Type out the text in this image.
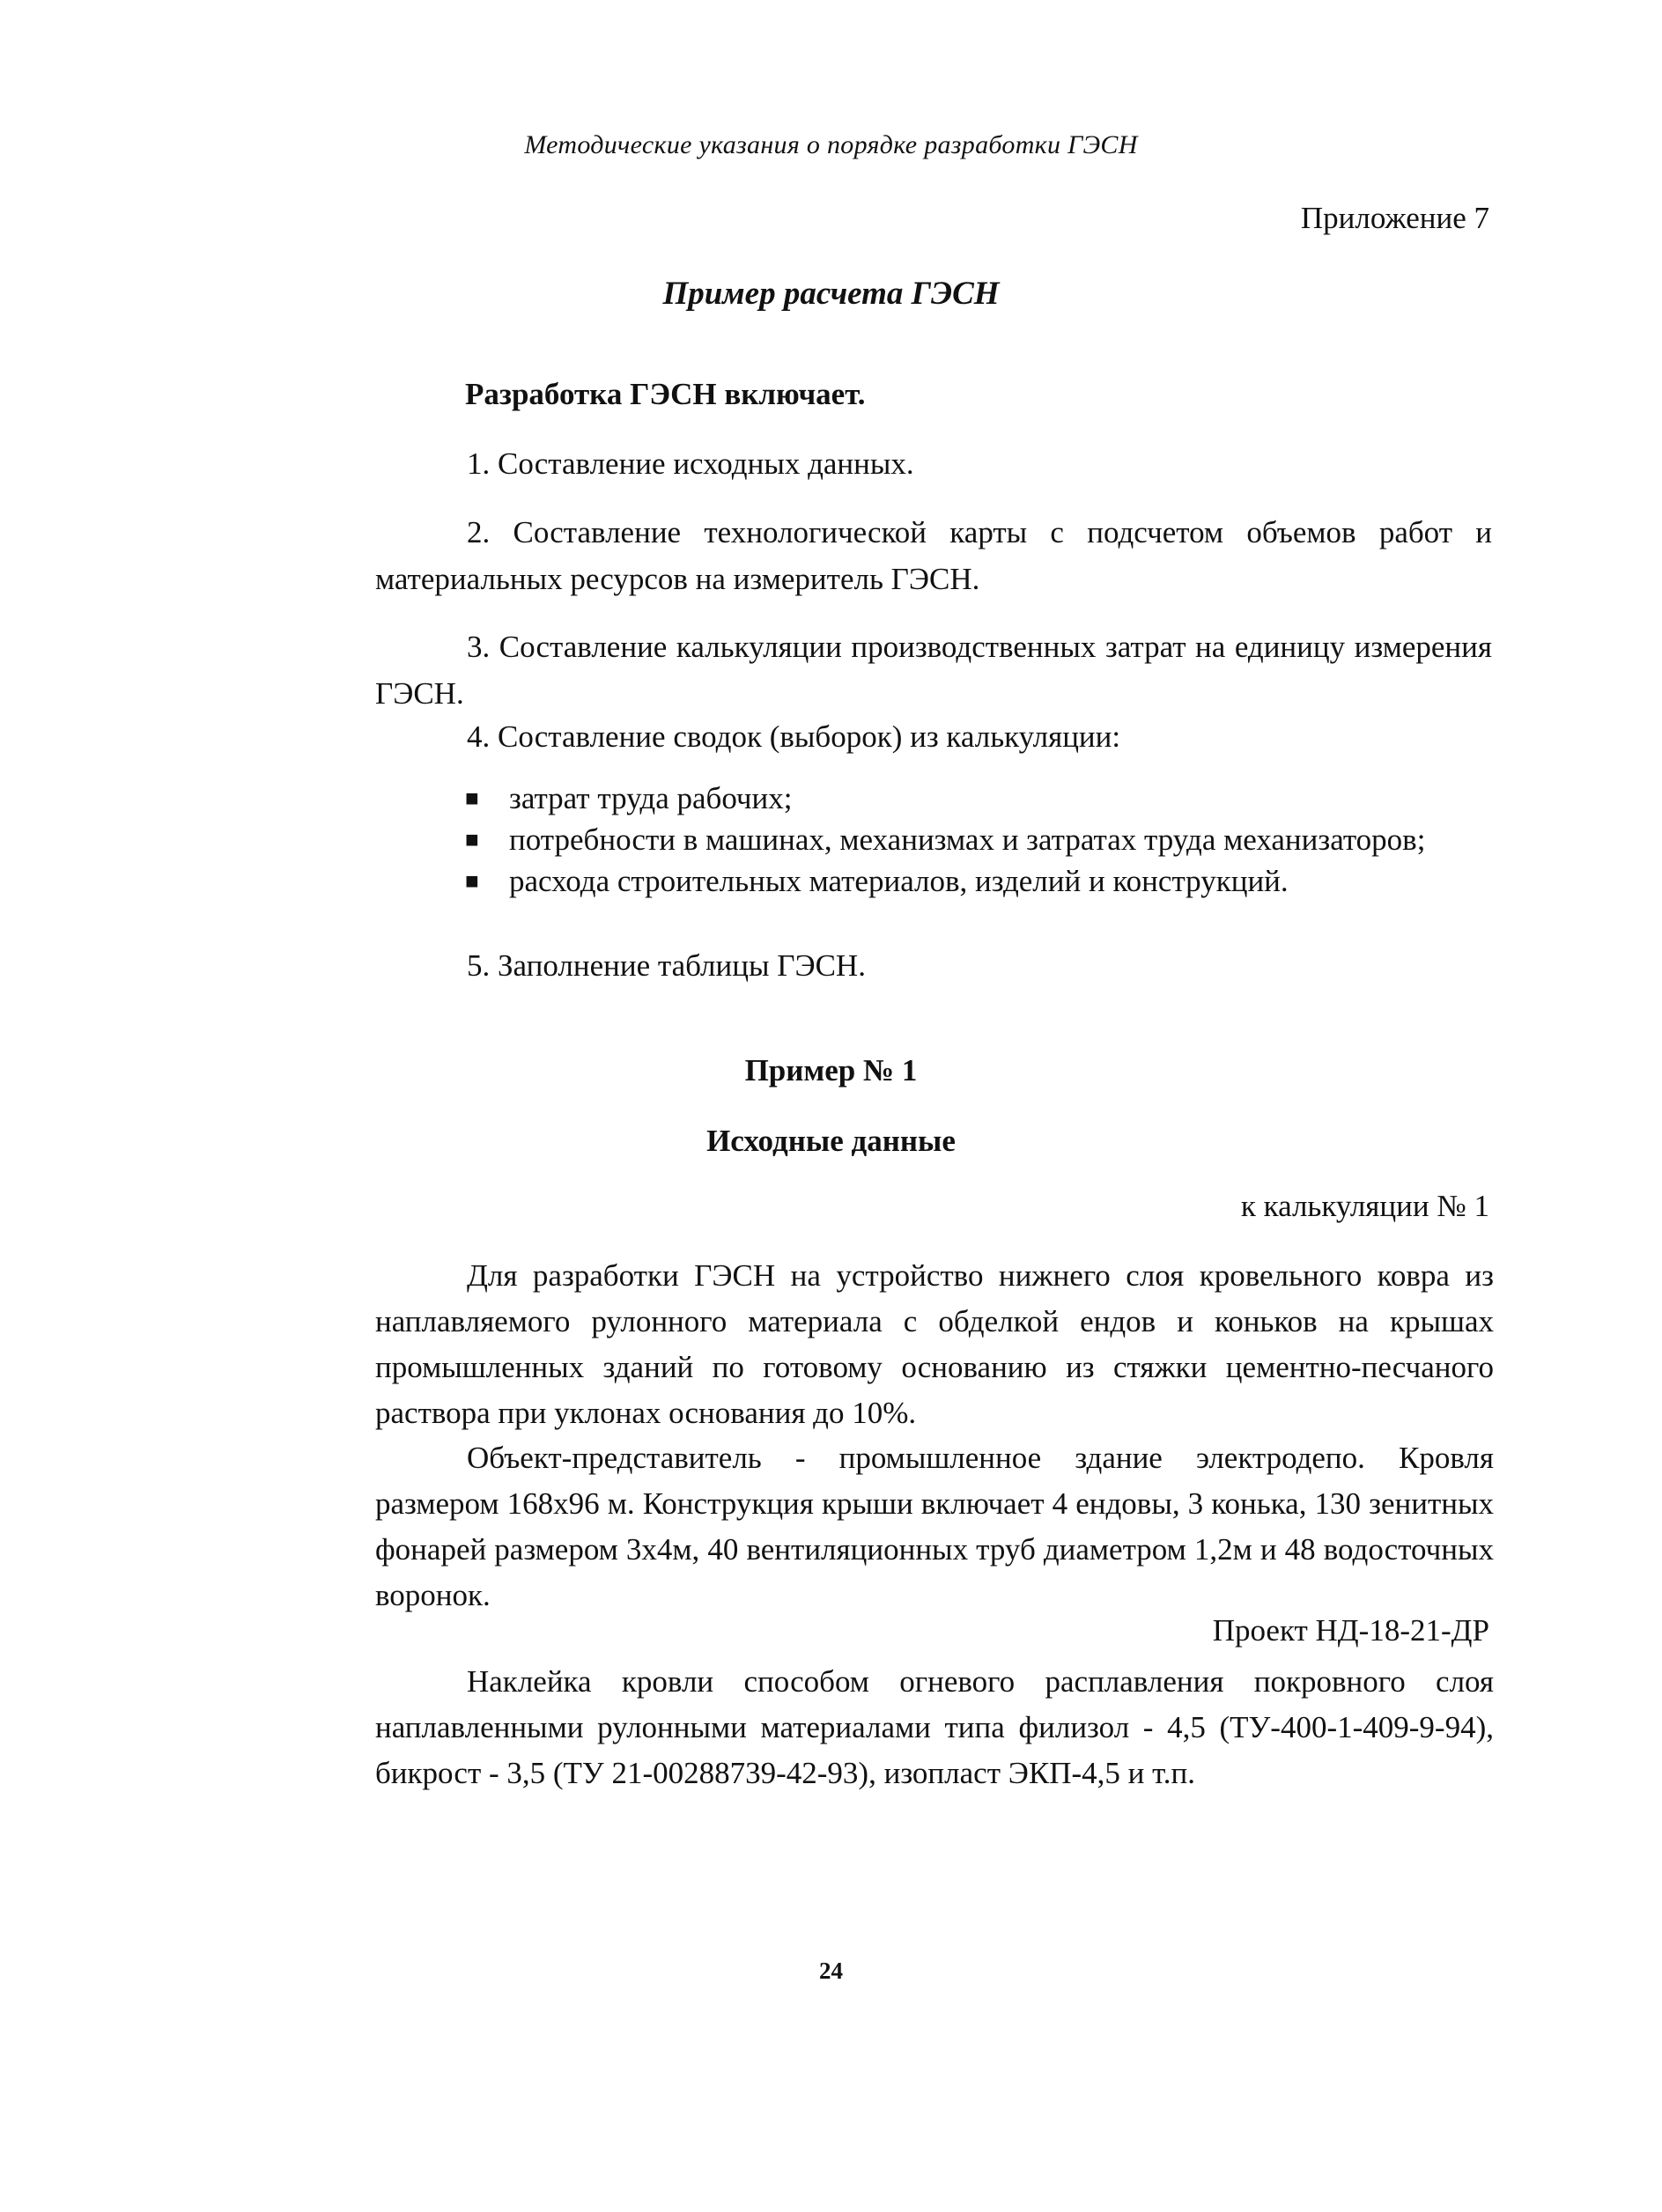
Методические указания о порядке разработки ГЭСН
Приложение 7
Пример расчета ГЭСН
Разработка ГЭСН включает.
1. Составление исходных данных.
2. Составление технологической карты с подсчетом объемов работ и материальных ресурсов на измеритель ГЭСН.
3. Составление калькуляции производственных затрат на единицу измерения ГЭСН.
4. Составление сводок (выборок) из калькуляции:
■ затрат труда рабочих;
■ потребности в машинах, механизмах и затратах труда механизаторов;
■ расхода строительных материалов, изделий и конструкций.
5. Заполнение таблицы ГЭСН.
Пример № 1
Исходные данные
к калькуляции № 1
Для разработки ГЭСН на устройство нижнего слоя кровельного ковра из наплавляемого рулонного материала с обделкой ендов и коньков на крышах промышленных зданий по готовому основанию из стяжки цементно-песчаного раствора при уклонах основания до 10%.
Объект-представитель - промышленное здание электродепо. Кровля размером 168х96 м. Конструкция крыши включает 4 ендовы, 3 конька, 130 зенитных фонарей размером 3х4м, 40 вентиляционных труб диаметром 1,2м и 48 водосточных воронок.
Проект НД-18-21-ДР
Наклейка кровли способом огневого расплавления покровного слоя наплавленными рулонными материалами типа филизол - 4,5 (ТУ-400-1-409-9-94), бикрост - 3,5 (ТУ 21-00288739-42-93), изопласт ЭКП-4,5 и т.п.
24
